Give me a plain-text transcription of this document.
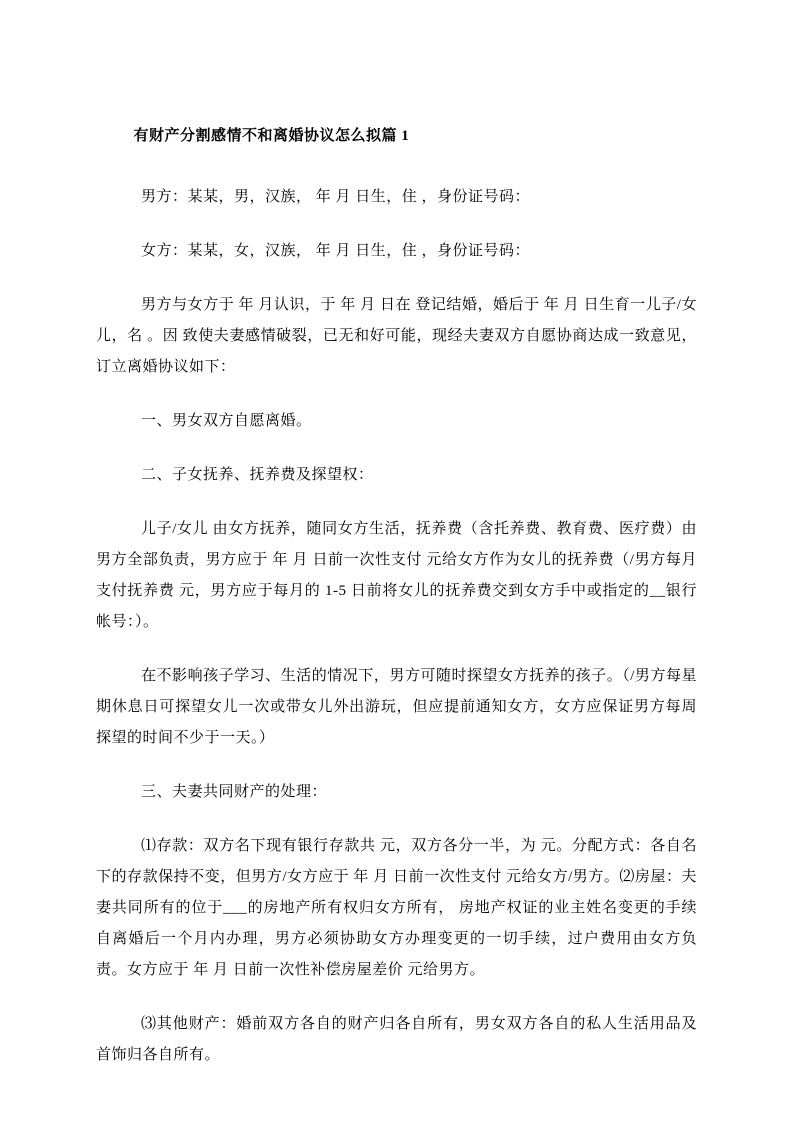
有财产分割感情不和离婚协议怎么拟篇 1

男方：某某，男，汉族， 年 月 日生，住 ，身份证号码：

女方：某某，女，汉族， 年 月 日生，住 ，身份证号码：

男方与女方于 年 月认识，于 年 月 日在 登记结婚，婚后于 年 月 日生育一儿子/女儿，名 。因 致使夫妻感情破裂，已无和好可能，现经夫妻双方自愿协商达成一致意见，订立离婚协议如下：

一、男女双方自愿离婚。

二、子女抚养、抚养费及探望权：

儿子/女儿 由女方抚养，随同女方生活，抚养费（含托养费、教育费、医疗费）由男方全部负责，男方应于 年 月 日前一次性支付 元给女方作为女儿的抚养费（/男方每月支付抚养费 元，男方应于每月的 1-5 日前将女儿的抚养费交到女方手中或指定的__银行帐号：）。

在不影响孩子学习、生活的情况下，男方可随时探望女方抚养的孩子。（/男方每星期休息日可探望女儿一次或带女儿外出游玩，但应提前通知女方，女方应保证男方每周探望的时间不少于一天。）

三、夫妻共同财产的处理：

⑴存款：双方名下现有银行存款共 元，双方各分一半，为 元。分配方式：各自名下的存款保持不变，但男方/女方应于 年 月 日前一次性支付 元给女方/男方。⑵房屋：夫妻共同所有的位于___的房地产所有权归女方所有， 房地产权证的业主姓名变更的手续自离婚后一个月内办理，男方必须协助女方办理变更的一切手续，过户费用由女方负责。女方应于 年 月 日前一次性补偿房屋差价 元给男方。

⑶其他财产：婚前双方各自的财产归各自所有，男女双方各自的私人生活用品及首饰归各自所有。
